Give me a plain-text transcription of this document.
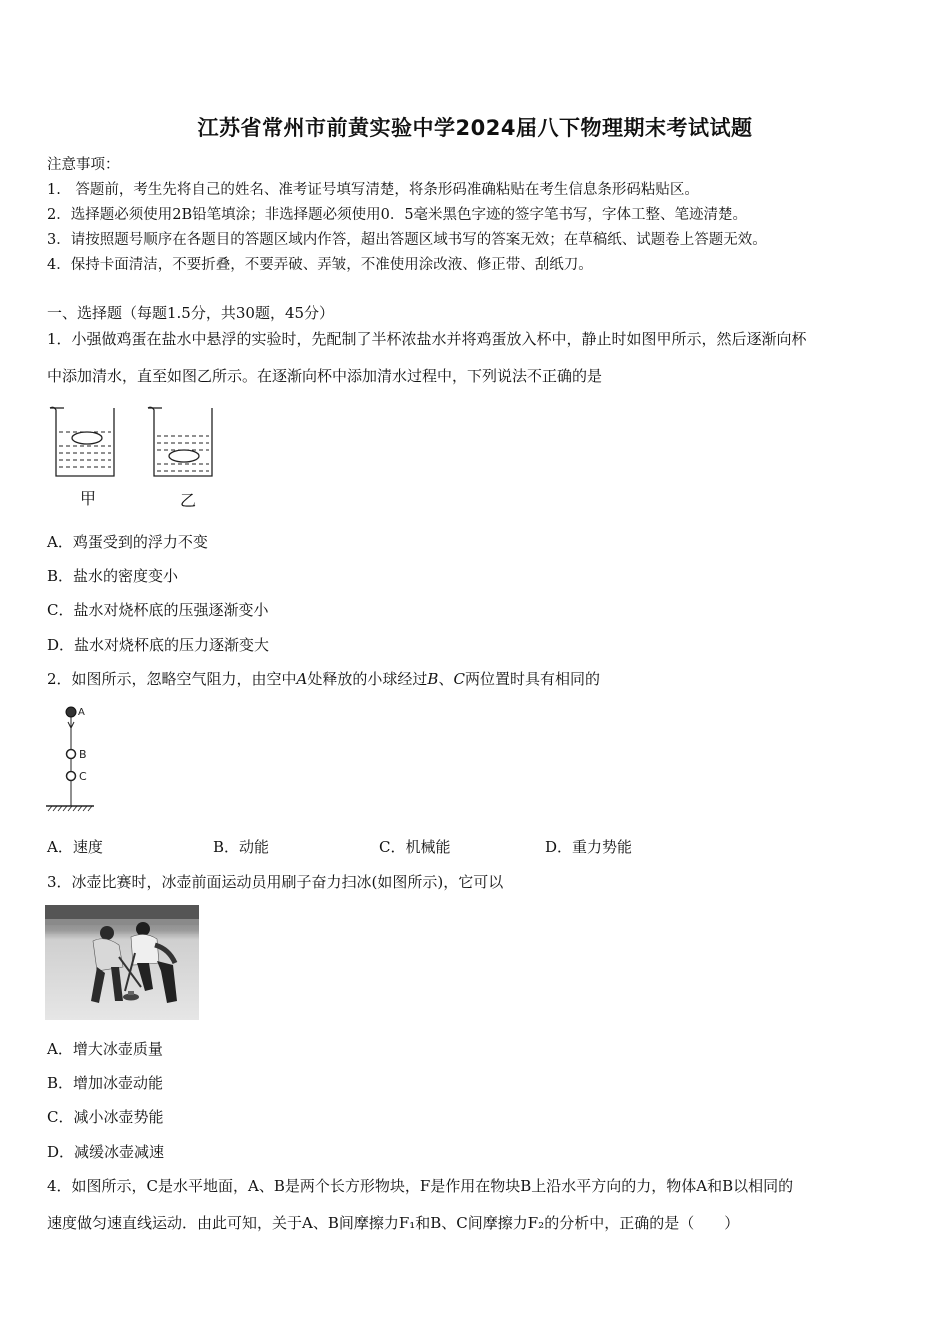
江苏省常州市前黄实验中学2024届八下物理期末考试试题
注意事项：
1.　答题前，考生先将自己的姓名、准考证号填写清楚，将条形码准确粘贴在考生信息条形码粘贴区。
2．选择题必须使用2B铅笔填涂；非选择题必须使用0．5毫米黑色字迹的签字笔书写，字体工整、笔迹清楚。
3．请按照题号顺序在各题目的答题区域内作答，超出答题区域书写的答案无效；在草稿纸、试题卷上答题无效。
4．保持卡面清洁，不要折叠，不要弄破、弄皱，不准使用涂改液、修正带、刮纸刀。
一、选择题（每题1.5分，共30题，45分）
1．小强做鸡蛋在盐水中悬浮的实验时，先配制了半杯浓盐水并将鸡蛋放入杯中，静止时如图甲所示，然后逐渐向杯
中添加清水，直至如图乙所示。在逐渐向杯中添加清水过程中，下列说法不正确的是
甲	乙
A．鸡蛋受到的浮力不变
B．盐水的密度变小
C．盐水对烧杯底的压强逐渐变小
D．盐水对烧杯底的压力逐渐变大
2．如图所示，忽略空气阻力，由空中A处释放的小球经过B、C两位置时具有相同的
A
B
C
A．速度	B．动能	C．机械能	D．重力势能
3．冰壶比赛时，冰壶前面运动员用刷子奋力扫冰(如图所示)，它可以
A．增大冰壶质量
B．增加冰壶动能
C．减小冰壶势能
D．减缓冰壶减速
4．如图所示，C是水平地面，A、B是两个长方形物块，F是作用在物块B上沿水平方向的力，物体A和B以相同的
速度做匀速直线运动．由此可知，关于A、B间摩擦力F₁和B、C间摩擦力F₂的分析中，正确的是（　　）
